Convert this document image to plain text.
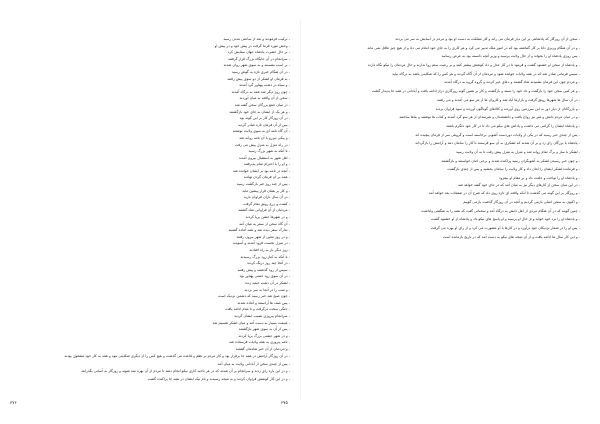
- ترکیب فرمودند و بعد از ساعتی مدتی رسید

- وحش مورد فرما گرفت در پیش خود و در پیش او

- بر حال حضرت پادشاه جهان ستایش کرد

- سرانجام در آن جایگاه بزرگ قرار گرفتند

- بر اسب نشسته و به سوی شهر روان شدند

- در آن هنگام خبری تازه به گوش رسید

- به فرمان او لشکر از دو سوی پیش رفتند

- و سپاه در دشت پهناور گرد آمدند

- چون روز دیگر شد همه به درگاه آمدند

- سخن از آن واقعه به میان آوردند

- در میان جمع بزرگان سخن گفته شد

- و هر یک از ایشان به جای خود بازگشتند

- در آن روزگار کار بر این گونه بود

- پس از آن فرمان تازه صادر گردید

- آن گاه نامه ای به سوی ولایت نوشتند

- و پیکی تیزرو با آن نامه روانه شد

- در راه منزل به منزل پیش می رفت

- تا آنکه به شهر بزرگ رسید

- اهل شهر به استقبال بیرون آمدند

- و او را با احترام تمام پذیرفتند

- آنچه در نامه بود بر ایشان خوانده شد

- همه بر آن فرمان گردن نهادند

- پس از چند روز خبر بازگشت رسید

- و کار بر همان قرار پیشین ماند

- در آن سال باران فراوان بارید

- کشت و زرع رونق تمام گرفت

- مردمان از آن فراوانی شاد گشتند

- و در شهرها جشن برپا کردند

- آن گاه سخن از سفر به میان آمد

- تدارک سفر دیده شد و همه آماده گشتند

- و در روز معین از شهر بیرون رفتند

- در منزل نخست فرود آمدند و آسودند

- روز دیگر باز به راه افتادند

- تا آنکه به کنار رود بزرگ رسیدند

- در آنجا چند روز درنگ کردند

- سپس از رود گذشتند و پیش رفتند

- در آن سوی رود دشتی پهناور بود

- لشکر در آن دشت خیمه زدند

- و شب را در آنجا به سر بردند

- چون صبح شد خبر رسید که دشمن نزدیک است

- پس صف ها آراستند و آماده شدند

- جنگی سخت درگرفت و تا شام ادامه یافت

- سرانجام پیروزی نصیب ایشان گردید

- غنیمت بسیار به دست آمد و میان لشکر تقسیم شد

- پس از آن به سوی شهر بازگشتند

- و در شهر جشنی بزرگ برپا کردند

- نامه پیروزی به همه ولایات فرستاده شد

- و مردمان از آن خبر شادمان گشتند

- در آن روزگار آرامش در همه جا برقرار بود و کار مردم بر نظم و قاعده می گذشت و هیچ کس را از دیگری شکایتی نبود و همه به کار خود مشغول بودند

- پس از چندی سخن از آبادانی ولایت به میان آمد

- و در این باره رای زدند و سرانجام بر آن شدند که در هر ناحیه کاری نیکو انجام دهند تا مردم از آن بهره مند شوند و روزگار به آسانی بگذرانند

- و در این کار کوشش فراوان کردند و به نتیجه رسیدند و نام نیک ایشان در همه جا پراکنده گشت

- سخن از آن روزگار که پادشاهی بر این دیار فرمان می راند و کار مملکت به دست او بود و مردم در آسایش به سر می بردند

- و در آن هنگام وزیری دانا بر کار گماشته بود که در امور ملک تدبیر می کرد و هر کاری را به جای خود انجام می داد و از هیچ چیز غافل نمی ماند

- پس روزی پادشاه او را بخواند و از حال ولایت پرسید و وزیر آنچه دانسته بود به عرض رسانید

- و پادشاه از سخن او خشنود گشت و فرمود تا در کار عدل و داد کوشش بیشتر کنند و بر رعیت ستم روا ندارند و حال مردمان را نیکو نگاه دارند

- سپس فرمانی صادر شد که در همه ولایات خوانده شود و مردمان از آن آگاه گردند و هر کس را که شکایتی باشد به درگاه بیاید

- و مردم چون این فرمان بشنیدند شاد گشتند و دعای خیر کردند و گروه گروه به درگاه آمدند

- و هر کس سخن خود را بازگفت و داد خود را بستد و بازگشت و کار بر همین گونه روزگاری دراز ادامه یافت و آبادانی در همه جا پدیدار گشت

- در آن سال ها شهرها رونق گرفت و بازارها آباد شد و کاروان ها از هر سو می آمدند و می رفتند

- و بازرگانان از دیار دور به این سرزمین روی آوردند و کالاهای گوناگون آوردند و سود فراوان بردند

- و در میان مردم دانش و هنر نیز رواج یافت و دانشمندان و هنرمندان از هر سو گرد آمدند و کتاب ها نوشتند و بناها ساختند

- و پادشاه ایشان را گرامی می داشت و پاداش های نیکو می داد تا در کار خود دلگرم باشند

- پس از چندی خبر رسید که در یکی از ولایات دوردست آشوبی برخاسته است و گروهی سر از فرمان پیچیده اند

- پادشاه با بزرگان رای زد و بر آن شدند که لشکری به آن سو فرستند تا کار را سامان دهد و آرامش را بازگرداند

- لشکر با ساز و برگ تمام روانه شد و منزل به منزل پیش رفت تا به آن ولایت رسید

- و چون خبر رسیدن لشکر به آشوبگران رسید پراکنده شدند و برخی امان خواستند و بازگشتند

- و فرمانده لشکر ایشان را امان داد و کار ولایت را سامان بخشید و پس از چندی بازگشت

- و پادشاه او را نواخت و خلعت داد و بر مقام او بیفزود

- در این میان سخن از کارهای دیگر نیز به میان آمد که در جای خود گفته خواهد شد

- و روزگار بر این گونه می گذشت تا آنکه واقعه ای تازه روی داد که شرح آن در صفحات بعد خواهد آمد

- و اکنون به سخن اصلی بازمی گردیم و آنچه در آن روزگار گذشت بازمی گوییم

- چنین گویند که در آن هنگام مردی از اهل دانش به درگاه آمد و سخنانی گفت که همه را به شگفتی واداشت

- و پادشاه او را نزد خود خواند و از حال او پرسید و او پاسخ های نیکو داد و پادشاه از او خشنود گشت

- پس او را در شمار نزدیکان خود درآورد و در کارها با او مشورت می کرد و از رای او بهره می گرفت

- و این کار سال ها ادامه یافت و از آن نتیجه های نیکو به دست آمد که در تاریخ بازمانده است

۳۷۶	۳۷۵
